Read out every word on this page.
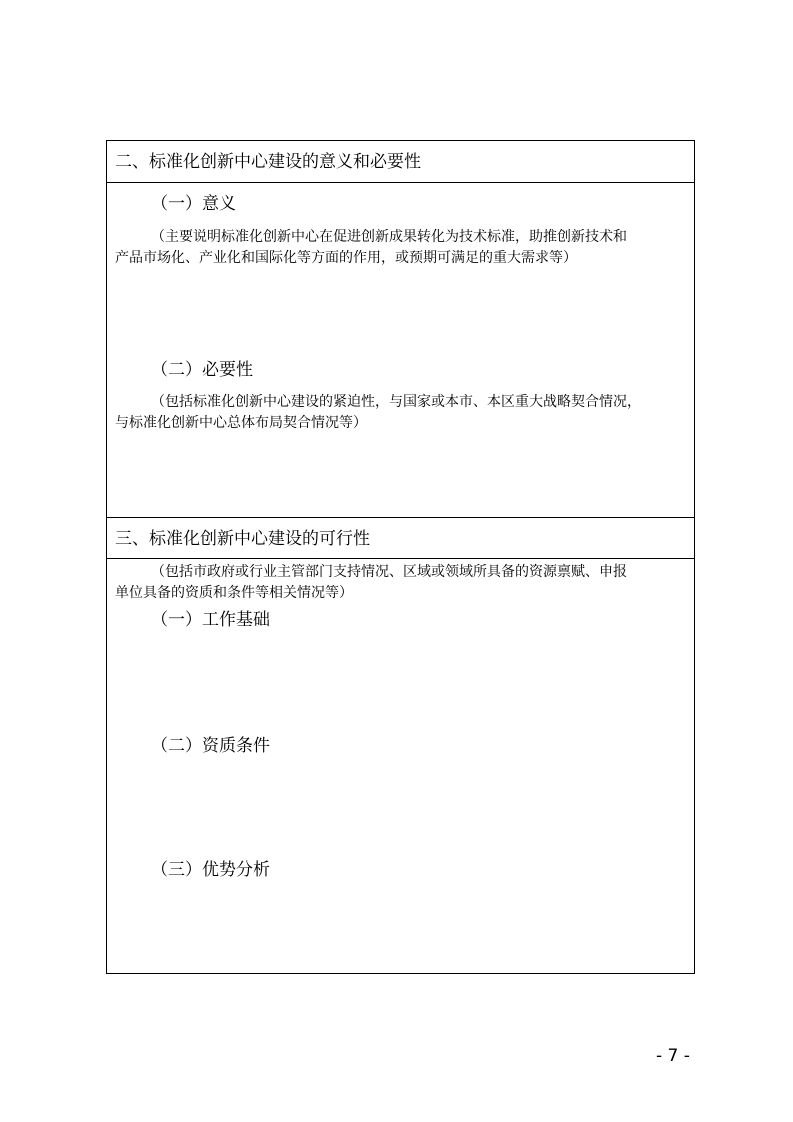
二、标准化创新中心建设的意义和必要性
（一）意义
（主要说明标准化创新中心在促进创新成果转化为技术标准，助推创新技术和
产品市场化、产业化和国际化等方面的作用，或预期可满足的重大需求等）
（二）必要性
（包括标准化创新中心建设的紧迫性，与国家或本市、本区重大战略契合情况，
与标准化创新中心总体布局契合情况等）
三、标准化创新中心建设的可行性
（包括市政府或行业主管部门支持情况、区域或领域所具备的资源禀赋、申报
单位具备的资质和条件等相关情况等）
（一）工作基础
（二）资质条件
（三）优势分析
- 7 -
